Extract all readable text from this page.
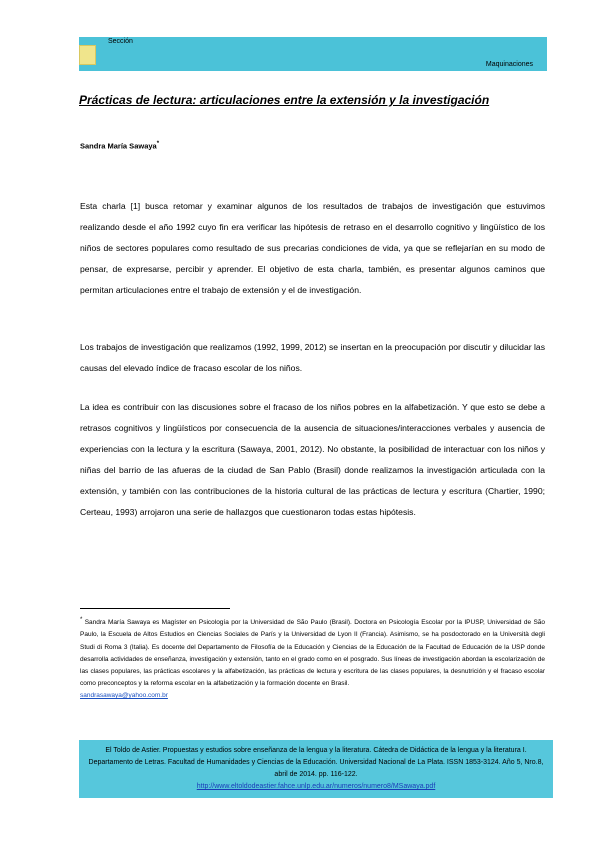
Sección
Maquinaciones
Prácticas de lectura: articulaciones entre la extensión y la investigación
Sandra María Sawaya*

Esta charla [1] busca retomar y examinar algunos de los resultados de trabajos de investigación que estuvimos realizando desde el año 1992 cuyo fin era verificar las hipótesis de retraso en el desarrollo cognitivo y lingüístico de los niños de sectores populares como resultado de sus precarias condiciones de vida, ya que se reflejarían en su modo de pensar, de expresarse, percibir y aprender. El objetivo de esta charla, también, es presentar algunos caminos que permitan articulaciones entre el trabajo de extensión y el de investigación.

Los trabajos de investigación que realizamos (1992, 1999, 2012) se insertan en la preocupación por discutir y dilucidar las causas del elevado índice de fracaso escolar de los niños.

La idea es contribuir con las discusiones sobre el fracaso de los niños pobres en la alfabetización. Y que esto se debe a retrasos cognitivos y lingüísticos por consecuencia de la ausencia de situaciones/interacciones verbales y ausencia de experiencias con la lectura y la escritura (Sawaya, 2001, 2012). No obstante, la posibilidad de interactuar con los niños y niñas del barrio de las afueras de la ciudad de San Pablo (Brasil) donde realizamos la investigación articulada con la extensión, y también con las contribuciones de la historia cultural de las prácticas de lectura y escritura (Chartier, 1990; Certeau, 1993) arrojaron una serie de hallazgos que cuestionaron todas estas hipótesis.

* Sandra María Sawaya es Magíster en Psicología por la Universidad de São Paulo (Brasil). Doctora en Psicología Escolar por la IPUSP, Universidad de São Paulo, la Escuela de Altos Estudios en Ciencias Sociales de París y la Universidad de Lyon II (Francia). Asimismo, se ha posdoctorado en la Università degli Studi di Roma 3 (Italia). Es docente del Departamento de Filosofía de la Educación y Ciencias de la Educación de la Facultad de Educación de la USP donde desarrolla actividades de enseñanza, investigación y extensión, tanto en el grado como en el posgrado. Sus líneas de investigación abordan la escolarización de las clases populares, las prácticas escolares y la alfabetización, las prácticas de lectura y escritura de las clases populares, la desnutrición y el fracaso escolar como preconceptos y la reforma escolar en la alfabetización y la formación docente en Brasil.
sandrasawaya@yahoo.com.br

El Toldo de Astier. Propuestas y estudios sobre enseñanza de la lengua y la literatura. Cátedra de Didáctica de la lengua y la literatura I. Departamento de Letras. Facultad de Humanidades y Ciencias de la Educación. Universidad Nacional de La Plata. ISSN 1853-3124. Año 5, Nro.8, abril de 2014. pp. 116-122.
http://www.eltoldodeastier.fahce.unlp.edu.ar/numeros/numero8/MSawaya.pdf
